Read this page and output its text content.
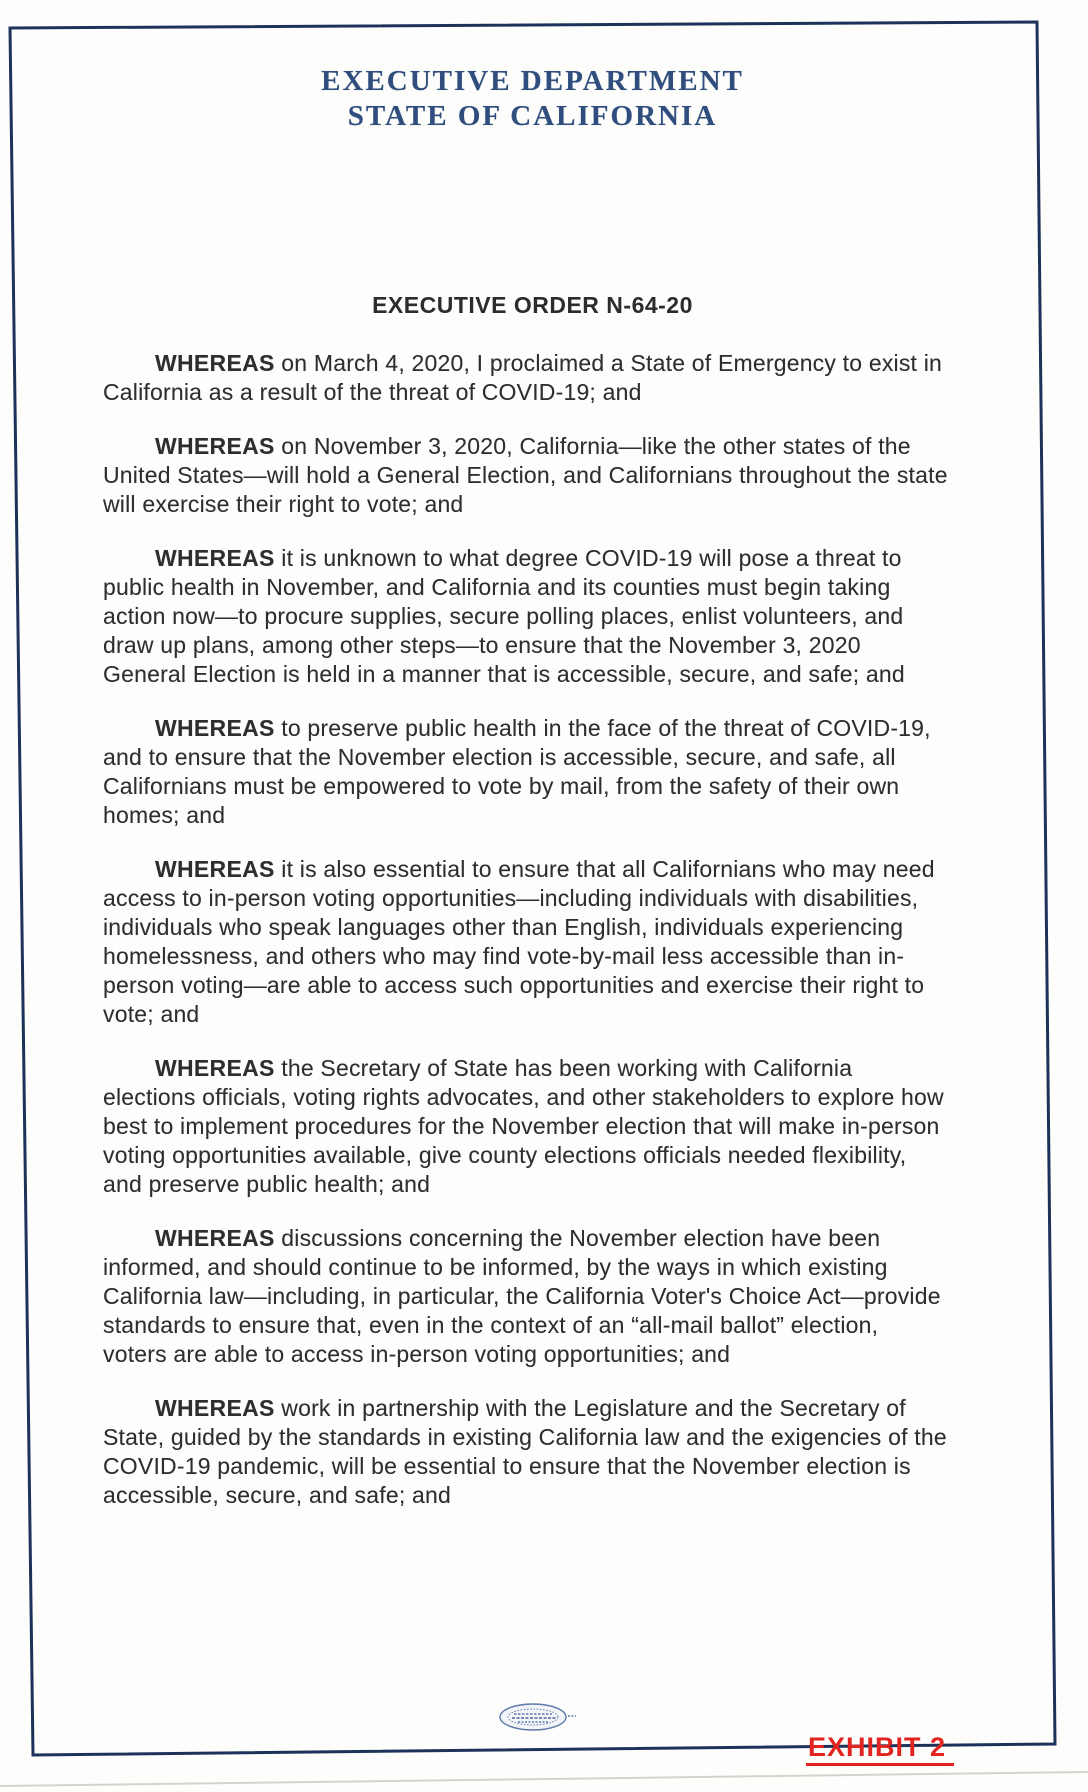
EXECUTIVE DEPARTMENT
STATE OF CALIFORNIA
EXECUTIVE ORDER N-64-20

WHEREAS on March 4, 2020, I proclaimed a State of Emergency to exist in California as a result of the threat of COVID-19; and

WHEREAS on November 3, 2020, California—like the other states of the United States—will hold a General Election, and Californians throughout the state will exercise their right to vote; and

WHEREAS it is unknown to what degree COVID-19 will pose a threat to public health in November, and California and its counties must begin taking action now—to procure supplies, secure polling places, enlist volunteers, and draw up plans, among other steps—to ensure that the November 3, 2020 General Election is held in a manner that is accessible, secure, and safe; and

WHEREAS to preserve public health in the face of the threat of COVID-19, and to ensure that the November election is accessible, secure, and safe, all Californians must be empowered to vote by mail, from the safety of their own homes; and

WHEREAS it is also essential to ensure that all Californians who may need access to in-person voting opportunities—including individuals with disabilities, individuals who speak languages other than English, individuals experiencing homelessness, and others who may find vote-by-mail less accessible than in-person voting—are able to access such opportunities and exercise their right to vote; and

WHEREAS the Secretary of State has been working with California elections officials, voting rights advocates, and other stakeholders to explore how best to implement procedures for the November election that will make in-person voting opportunities available, give county elections officials needed flexibility, and preserve public health; and

WHEREAS discussions concerning the November election have been informed, and should continue to be informed, by the ways in which existing California law—including, in particular, the California Voter's Choice Act—provide standards to ensure that, even in the context of an “all-mail ballot” election, voters are able to access in-person voting opportunities; and

WHEREAS work in partnership with the Legislature and the Secretary of State, guided by the standards in existing California law and the exigencies of the COVID-19 pandemic, will be essential to ensure that the November election is accessible, secure, and safe; and

EXHIBIT 2
